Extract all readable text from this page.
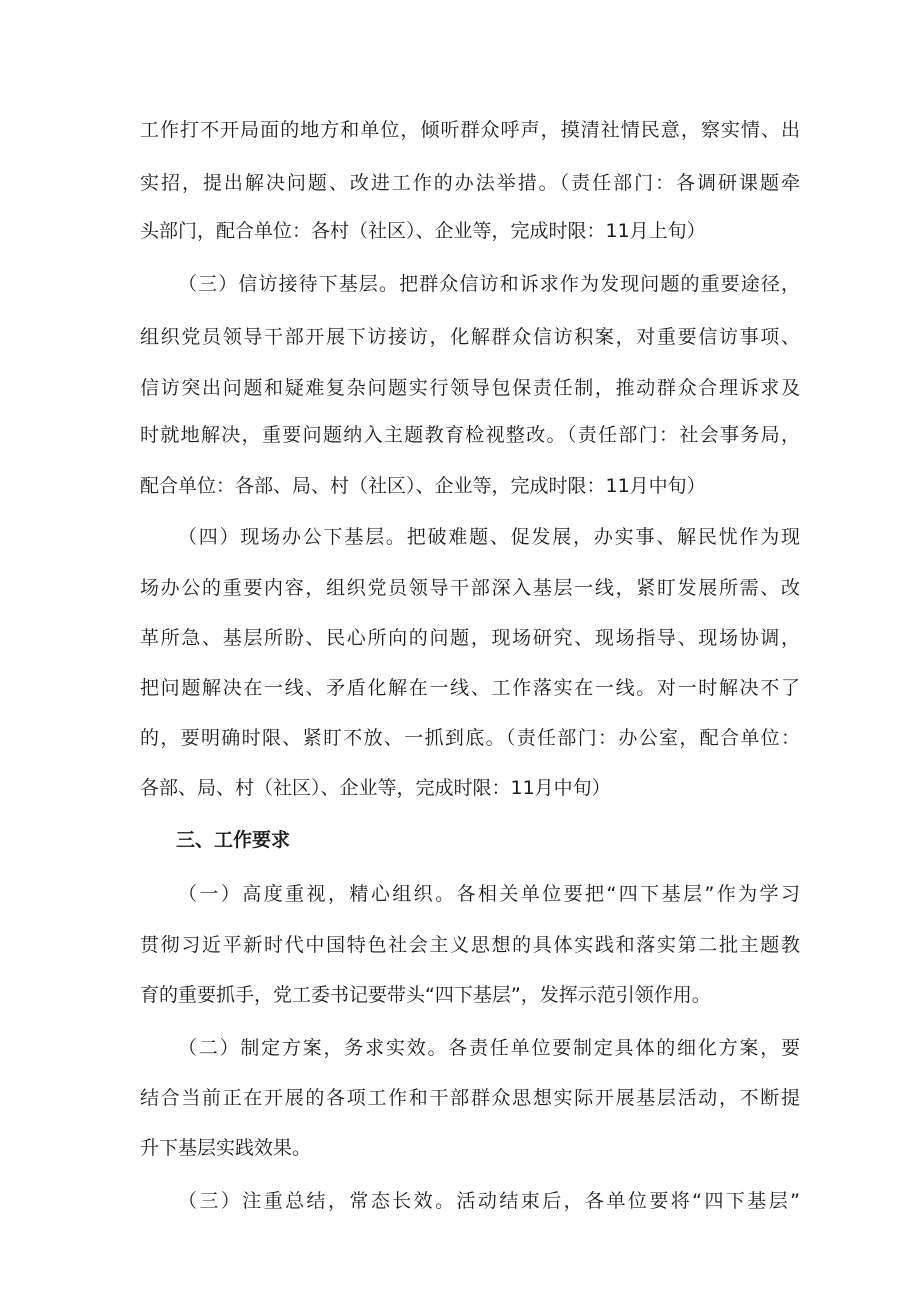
工作打不开局面的地方和单位，倾听群众呼声，摸清社情民意，察实情、出
实招，提出解决问题、改进工作的办法举措。（责任部门：各调研课题牵
头部门，配合单位：各村（社区）、企业等，完成时限：11月上旬）
（三）信访接待下基层。把群众信访和诉求作为发现问题的重要途径，
组织党员领导干部开展下访接访，化解群众信访积案，对重要信访事项、
信访突出问题和疑难复杂问题实行领导包保责任制，推动群众合理诉求及
时就地解决，重要问题纳入主题教育检视整改。（责任部门：社会事务局，
配合单位：各部、局、村（社区）、企业等，完成时限：11月中旬）
（四）现场办公下基层。把破难题、促发展，办实事、解民忧作为现
场办公的重要内容，组织党员领导干部深入基层一线，紧盯发展所需、改
革所急、基层所盼、民心所向的问题，现场研究、现场指导、现场协调，
把问题解决在一线、矛盾化解在一线、工作落实在一线。对一时解决不了
的，要明确时限、紧盯不放、一抓到底。（责任部门：办公室，配合单位：
各部、局、村（社区）、企业等，完成时限：11月中旬）
三、工作要求
（一）高度重视，精心组织。各相关单位要把“四下基层”作为学习
贯彻习近平新时代中国特色社会主义思想的具体实践和落实第二批主题教
育的重要抓手，党工委书记要带头“四下基层”，发挥示范引领作用。
（二）制定方案，务求实效。各责任单位要制定具体的细化方案，要
结合当前正在开展的各项工作和干部群众思想实际开展基层活动，不断提
升下基层实践效果。
（三）注重总结，常态长效。活动结束后，各单位要将“四下基层”
